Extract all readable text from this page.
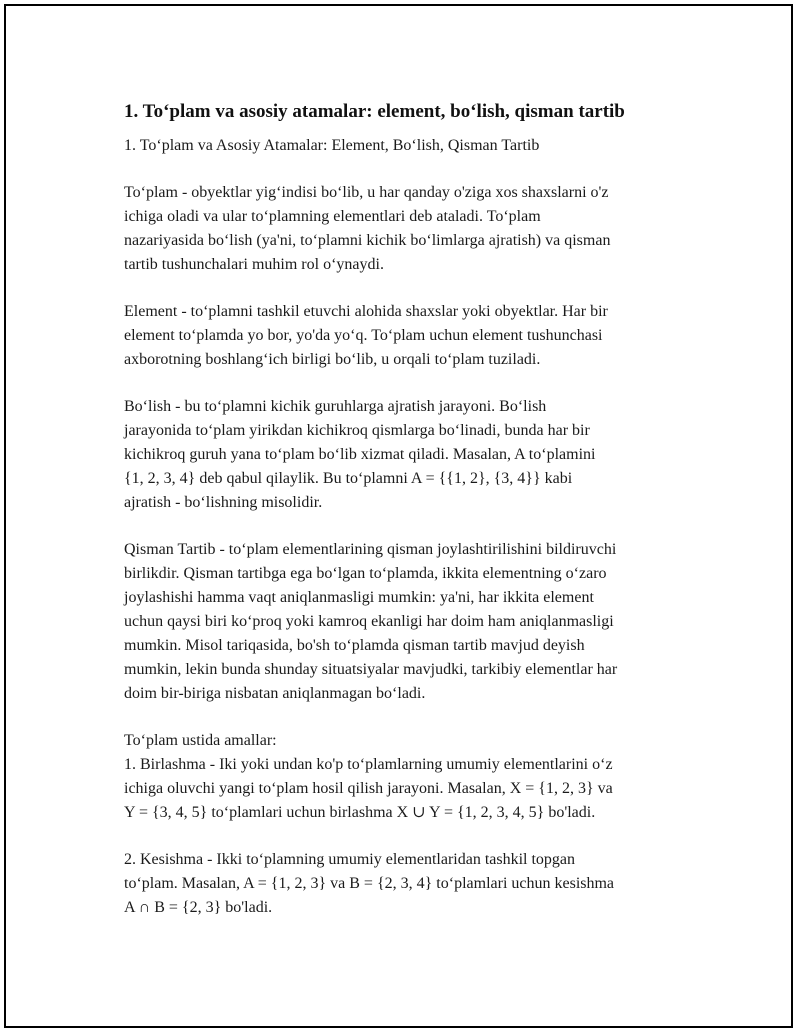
1. To‘plam va asosiy atamalar: element, bo‘lish, qisman tartib

1. To‘plam va Asosiy Atamalar: Element, Bo‘lish, Qisman Tartib

To‘plam - obyektlar yig‘indisi bo‘lib, u har qanday o'ziga xos shaxslarni o'z
ichiga oladi va ular to‘plamning elementlari deb ataladi. To‘plam
nazariyasida bo‘lish (ya'ni, to‘plamni kichik bo‘limlarga ajratish) va qisman
tartib tushunchalari muhim rol o‘ynaydi.

Element - to‘plamni tashkil etuvchi alohida shaxslar yoki obyektlar. Har bir
element to‘plamda yo bor, yo'da yo‘q. To‘plam uchun element tushunchasi
axborotning boshlang‘ich birligi bo‘lib, u orqali to‘plam tuziladi.

Bo‘lish - bu to‘plamni kichik guruhlarga ajratish jarayoni. Bo‘lish
jarayonida to‘plam yirikdan kichikroq qismlarga bo‘linadi, bunda har bir
kichikroq guruh yana to‘plam bo‘lib xizmat qiladi. Masalan, A to‘plamini
{1, 2, 3, 4} deb qabul qilaylik. Bu to‘plamni A = {{1, 2}, {3, 4}} kabi
ajratish - bo‘lishning misolidir.

Qisman Tartib - to‘plam elementlarining qisman joylashtirilishini bildiruvchi
birlikdir. Qisman tartibga ega bo‘lgan to‘plamda, ikkita elementning o‘zaro
joylashishi hamma vaqt aniqlanmasligi mumkin: ya'ni, har ikkita element
uchun qaysi biri ko‘proq yoki kamroq ekanligi har doim ham aniqlanmasligi
mumkin. Misol tariqasida, bo'sh to‘plamda qisman tartib mavjud deyish
mumkin, lekin bunda shunday situatsiyalar mavjudki, tarkibiy elementlar har
doim bir-biriga nisbatan aniqlanmagan bo‘ladi.

To‘plam ustida amallar:
1. Birlashma - Iki yoki undan ko'p to‘plamlarning umumiy elementlarini o‘z
ichiga oluvchi yangi to‘plam hosil qilish jarayoni. Masalan, X = {1, 2, 3} va
Y = {3, 4, 5} to‘plamlari uchun birlashma X ∪ Y = {1, 2, 3, 4, 5} bo'ladi.

2. Kesishma - Ikki to‘plamning umumiy elementlaridan tashkil topgan
to‘plam. Masalan, A = {1, 2, 3} va B = {2, 3, 4} to‘plamlari uchun kesishma
A ∩ B = {2, 3} bo'ladi.
